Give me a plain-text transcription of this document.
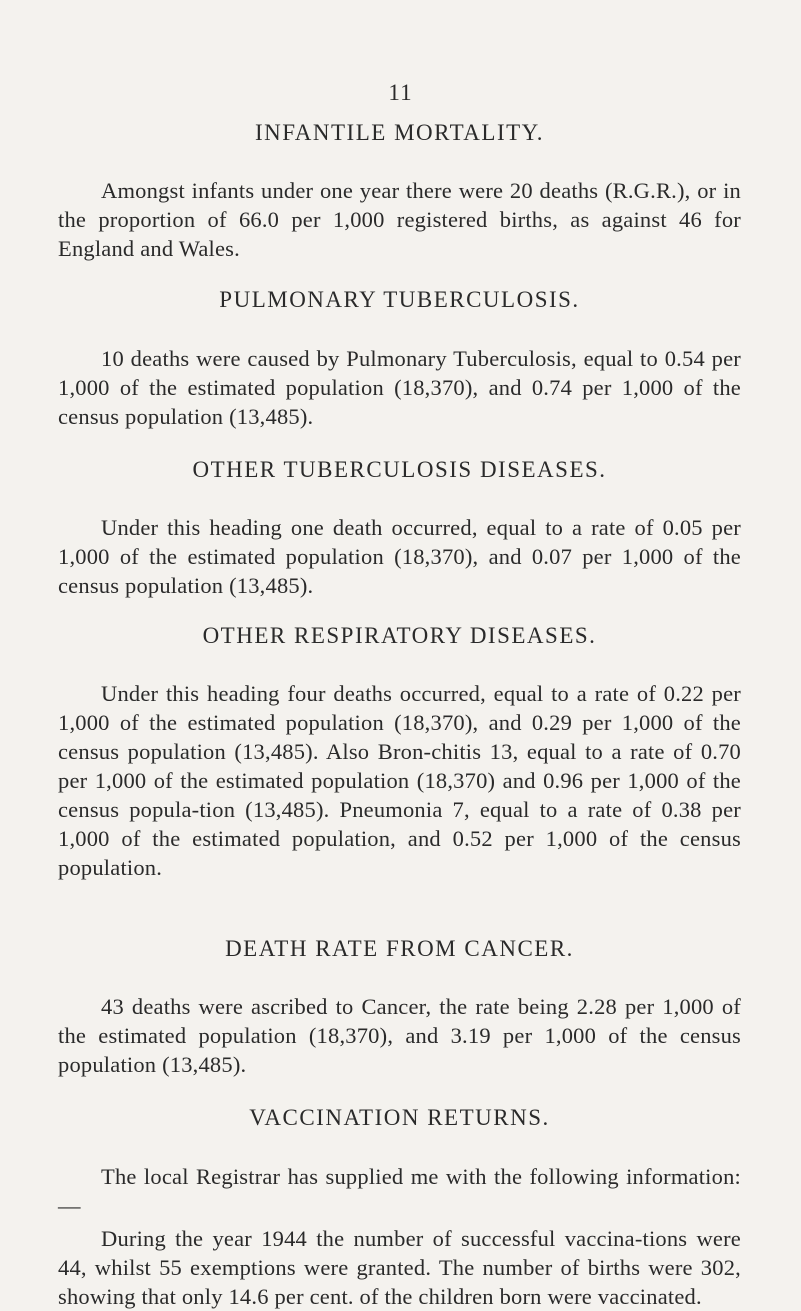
11
INFANTILE MORTALITY.

Amongst infants under one year there were 20 deaths (R.G.R.), or in the proportion of 66.0 per 1,000 registered births, as against 46 for England and Wales.

PULMONARY TUBERCULOSIS.

10 deaths were caused by Pulmonary Tuberculosis, equal to 0.54 per 1,000 of the estimated population (18,370), and 0.74 per 1,000 of the census population (13,485).

OTHER TUBERCULOSIS DISEASES.

Under this heading one death occurred, equal to a rate of 0.05 per 1,000 of the estimated population (18,370), and 0.07 per 1,000 of the census population (13,485).

OTHER RESPIRATORY DISEASES.

Under this heading four deaths occurred, equal to a rate of 0.22 per 1,000 of the estimated population (18,370), and 0.29 per 1,000 of the census population (13,485). Also Bron-chitis 13, equal to a rate of 0.70 per 1,000 of the estimated population (18,370) and 0.96 per 1,000 of the census popula-tion (13,485). Pneumonia 7, equal to a rate of 0.38 per 1,000 of the estimated population, and 0.52 per 1,000 of the census population.

DEATH RATE FROM CANCER.

43 deaths were ascribed to Cancer, the rate being 2.28 per 1,000 of the estimated population (18,370), and 3.19 per 1,000 of the census population (13,485).

VACCINATION RETURNS.

The local Registrar has supplied me with the following information:—

During the year 1944 the number of successful vaccina-tions were 44, whilst 55 exemptions were granted. The number of births were 302, showing that only 14.6 per cent. of the children born were vaccinated.
